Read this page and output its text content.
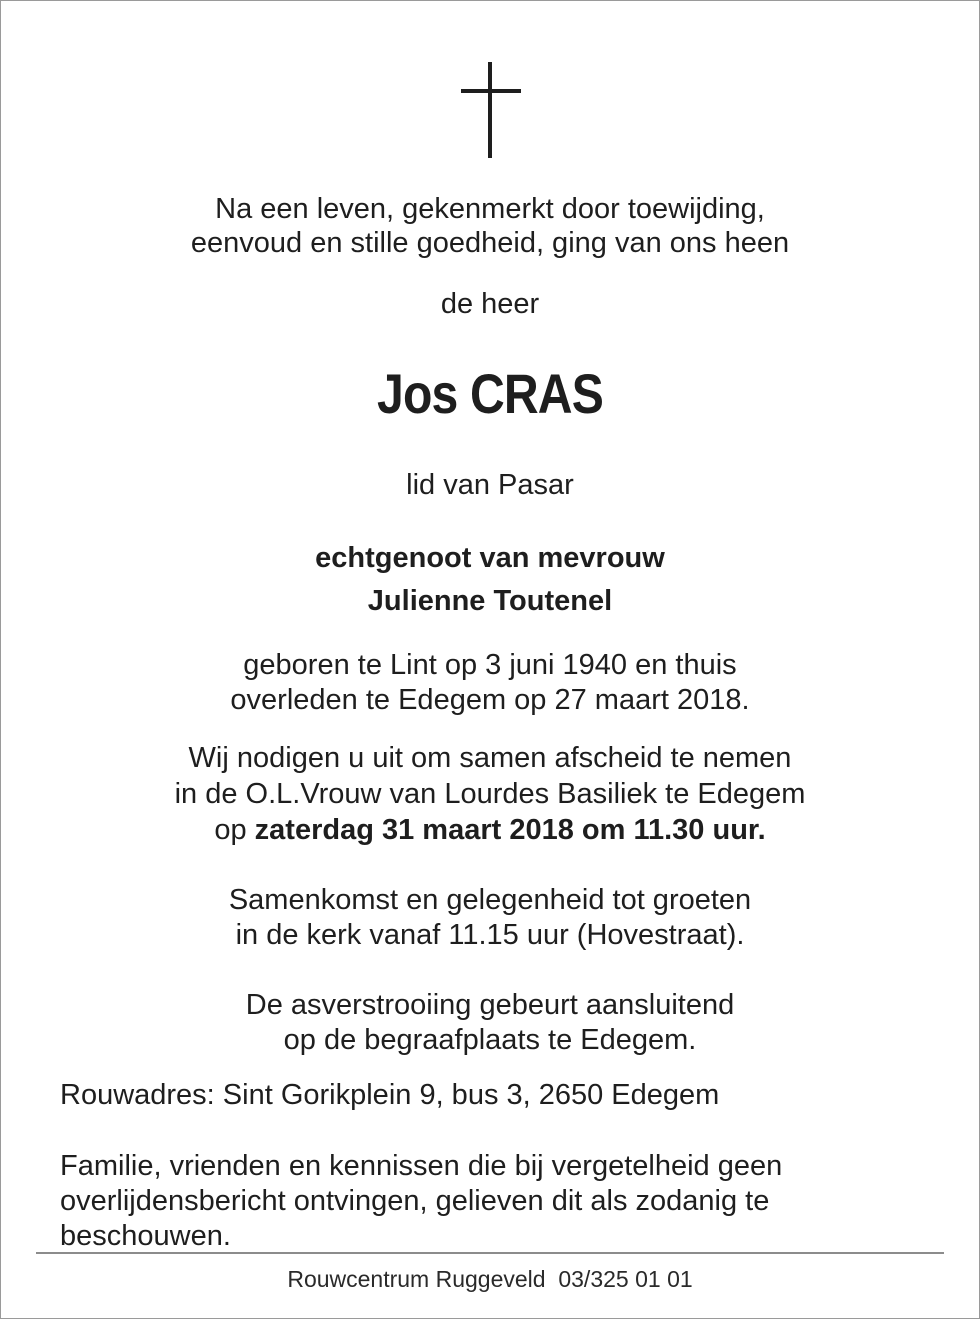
Na een leven, gekenmerkt door toewijding,
eenvoud en stille goedheid, ging van ons heen
de heer
Jos CRAS
lid van Pasar
echtgenoot van mevrouw
Julienne Toutenel
geboren te Lint op 3 juni 1940 en thuis
overleden te Edegem op 27 maart 2018.
Wij nodigen u uit om samen afscheid te nemen
in de O.L.Vrouw van Lourdes Basiliek te Edegem
op zaterdag 31 maart 2018 om 11.30 uur.
Samenkomst en gelegenheid tot groeten
in de kerk vanaf 11.15 uur (Hovestraat).
De asverstrooiing gebeurt aansluitend
op de begraafplaats te Edegem.
Rouwadres: Sint Gorikplein 9, bus 3, 2650 Edegem
Familie, vrienden en kennissen die bij vergetelheid geen
overlijdensbericht ontvingen, gelieven dit als zodanig te
beschouwen.
Rouwcentrum Ruggeveld  03/325 01 01
